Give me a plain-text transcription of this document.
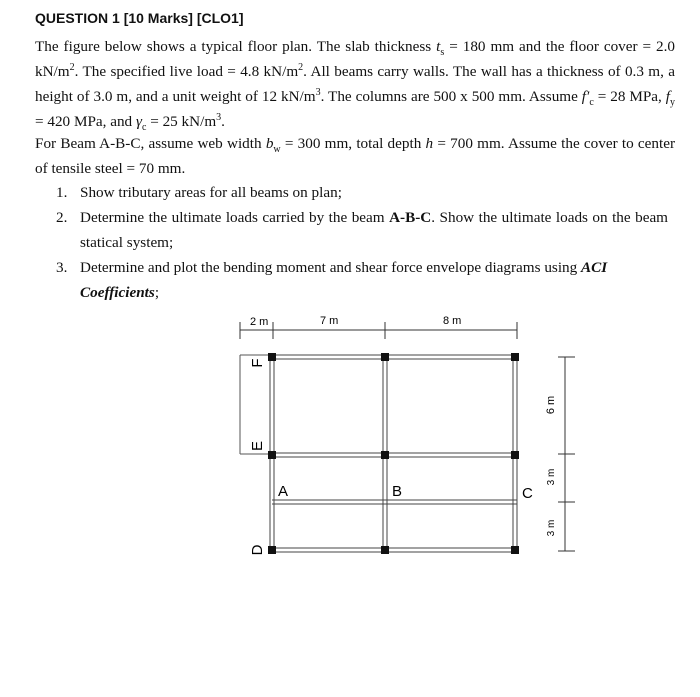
QUESTION 1 [10 Marks] [CLO1]
The figure below shows a typical floor plan. The slab thickness $t_s = 180$ mm and the floor cover = 2.0 $kN/m^2$. The specified live load = 4.8 $kN/m^2$. All beams carry walls. The wall has a thickness of 0.3 m, a height of 3.0 m, and a unit weight of 12 $kN/m^3$. The columns are 500 x 500 mm. Assume $f'_c = 28$ MPa, $f_y = 420$ MPa, and $\gamma_c = 25$ $kN/m^3$.
For Beam A-B-C, assume web width $b_w = 300$ mm, total depth h = 700 mm. Assume the cover to center of tensile steel = 70 mm.
1. Show tributary areas for all beams on plan;
2. Determine the ultimate loads carried by the beam A-B-C. Show the ultimate loads on the beam statical system;
3. Determine and plot the bending moment and shear force envelope diagrams using ACI Coefficients;
2 m	7 m	8 m
6 m
3 m
3 m
A	B	C
D
E
F
